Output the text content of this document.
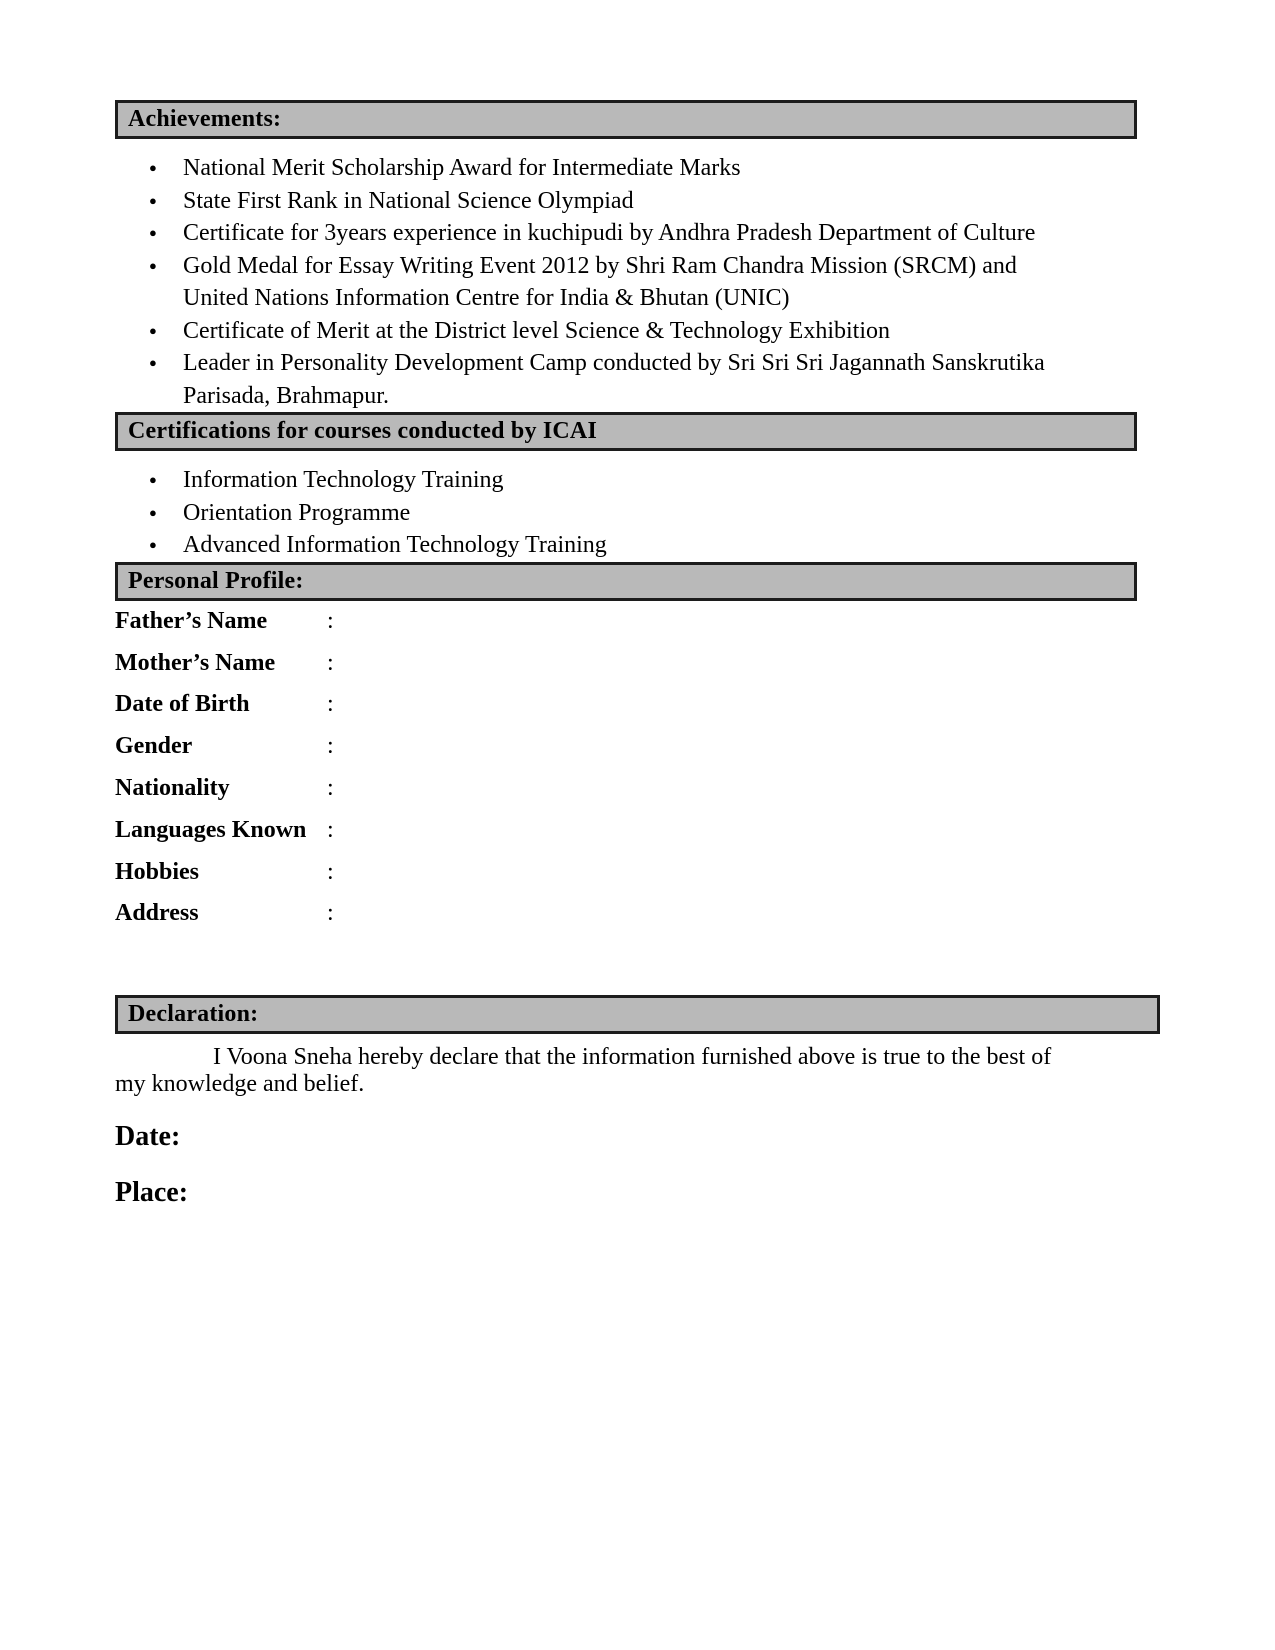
Achievements:
● National Merit Scholarship Award for Intermediate Marks
● State First Rank in National Science Olympiad
● Certificate for 3years experience in kuchipudi by Andhra Pradesh Department of Culture
● Gold Medal for Essay Writing Event 2012 by Shri Ram Chandra Mission (SRCM) and
United Nations Information Centre for India & Bhutan (UNIC)
● Certificate of Merit at the District level Science & Technology Exhibition
● Leader in Personality Development Camp conducted by Sri Sri Sri Jagannath Sanskrutika
Parisada, Brahmapur.
Certifications for courses conducted by ICAI
● Information Technology Training
● Orientation Programme
● Advanced Information Technology Training
Personal Profile:
Father’s Name	:
Mother’s Name	:
Date of Birth	:
Gender	:
Nationality	:
Languages Known :
Hobbies	:
Address	:
Declaration:
I Voona Sneha hereby declare that the information furnished above is true to the best of
my knowledge and belief.
Date:
Place:
